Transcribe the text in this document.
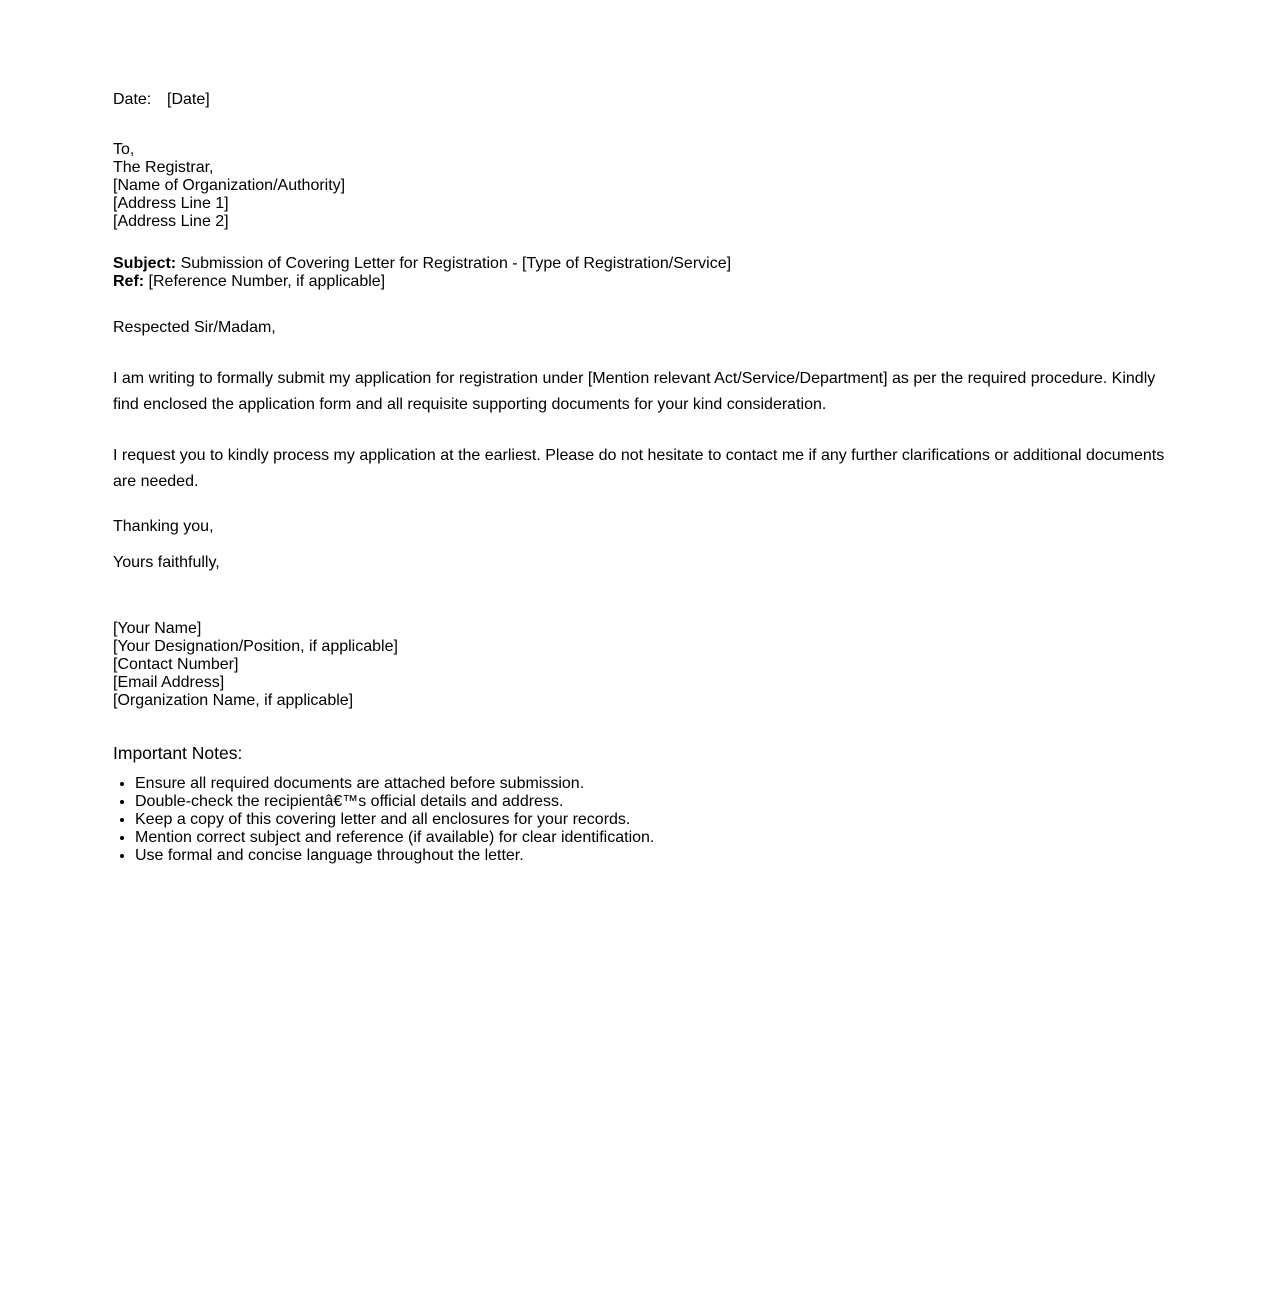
Date: [Date]
To,
The Registrar,
[Name of Organization/Authority]
[Address Line 1]
[Address Line 2]
Subject: Submission of Covering Letter for Registration - [Type of Registration/Service]
Ref: [Reference Number, if applicable]
Respected Sir/Madam,
I am writing to formally submit my application for registration under [Mention relevant Act/Service/Department] as per the required procedure. Kindly find enclosed the application form and all requisite supporting documents for your kind consideration.
I request you to kindly process my application at the earliest. Please do not hesitate to contact me if any further clarifications or additional documents are needed.
Thanking you,
Yours faithfully,
[Your Name]
[Your Designation/Position, if applicable]
[Contact Number]
[Email Address]
[Organization Name, if applicable]
Important Notes:
• Ensure all required documents are attached before submission.
• Double-check the recipientâ€™s official details and address.
• Keep a copy of this covering letter and all enclosures for your records.
• Mention correct subject and reference (if available) for clear identification.
• Use formal and concise language throughout the letter.
